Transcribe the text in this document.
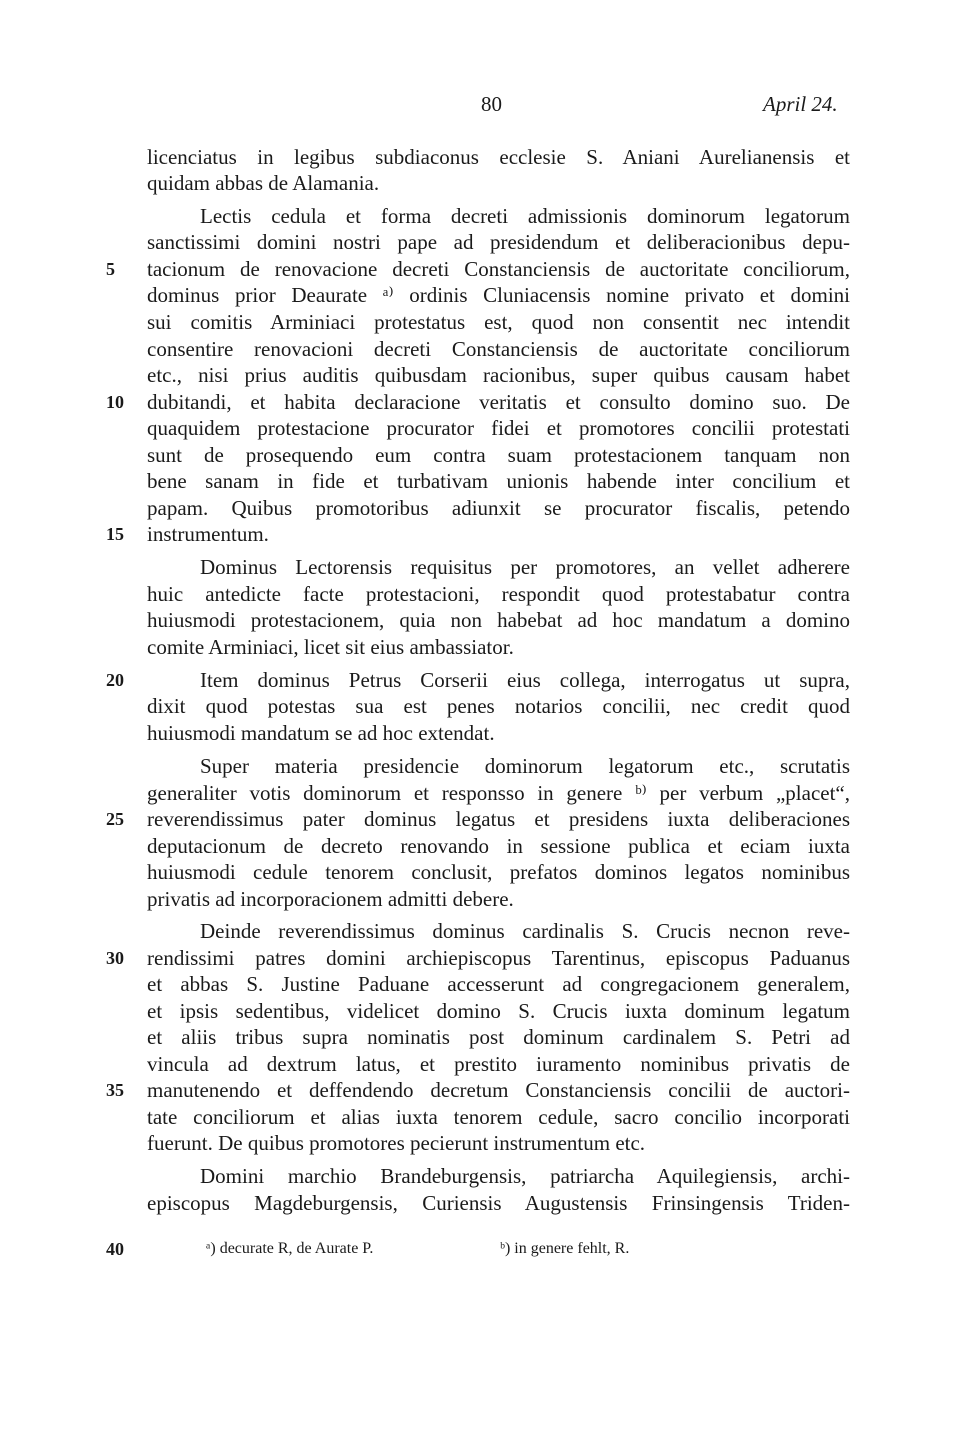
80	April 24.
licenciatus in legibus subdiaconus ecclesie S. Aniani Aurelianensis et
quidam abbas de Alamania.
Lectis cedula et forma decreti admissionis dominorum legatorum
sanctissimi domini nostri pape ad presidendum et deliberacionibus depu-
tacionum de renovacione decreti Constanciensis de auctoritate conciliorum,
dominus prior Deaurate ᵃ⁾ ordinis Cluniacensis nomine privato et domini
sui comitis Arminiaci protestatus est, quod non consentit nec intendit
consentire renovacioni decreti Constanciensis de auctoritate conciliorum
etc., nisi prius auditis quibusdam racionibus, super quibus causam habet
dubitandi, et habita declaracione veritatis et consulto domino suo. De
quaquidem protestacione procurator fidei et promotores concilii protestati
sunt de prosequendo eum contra suam protestacionem tanquam non
bene sanam in fide et turbativam unionis habende inter concilium et
papam. Quibus promotoribus adiunxit se procurator fiscalis, petendo
instrumentum.
Dominus Lectorensis requisitus per promotores, an vellet adherere
huic antedicte facte protestacioni, respondit quod protestabatur contra
huiusmodi protestacionem, quia non habebat ad hoc mandatum a domino
comite Arminiaci, licet sit eius ambassiator.
Item dominus Petrus Corserii eius collega, interrogatus ut supra,
dixit quod potestas sua est penes notarios concilii, nec credit quod
huiusmodi mandatum se ad hoc extendat.
Super materia presidencie dominorum legatorum etc., scrutatis
generaliter votis dominorum et responsso in genere ᵇ⁾ per verbum „placet“,
reverendissimus pater dominus legatus et presidens iuxta deliberaciones
deputacionum de decreto renovando in sessione publica et eciam iuxta
huiusmodi cedule tenorem conclusit, prefatos dominos legatos nominibus
privatis ad incorporacionem admitti debere.
Deinde reverendissimus dominus cardinalis S. Crucis necnon reve-
rendissimi patres domini archiepiscopus Tarentinus, episcopus Paduanus
et abbas S. Justine Paduane accesserunt ad congregacionem generalem,
et ipsis sedentibus, videlicet domino S. Crucis iuxta dominum legatum
et aliis tribus supra nominatis post dominum cardinalem S. Petri ad
vincula ad dextrum latus, et prestito iuramento nominibus privatis de
manutenendo et deffendendo decretum Constanciensis concilii de auctori-
tate conciliorum et alias iuxta tenorem cedule, sacro concilio incorporati
fuerunt. De quibus promotores pecierunt instrumentum etc.
Domini marchio Brandeburgensis, patriarcha Aquilegiensis, archi-
episcopus Magdeburgensis, Curiensis Augustensis Frinsingensis Triden-
5
10
15
20
25
30
35
40	ᵃ) decurate R, de Aurate P.	ᵇ) in genere fehlt, R.
